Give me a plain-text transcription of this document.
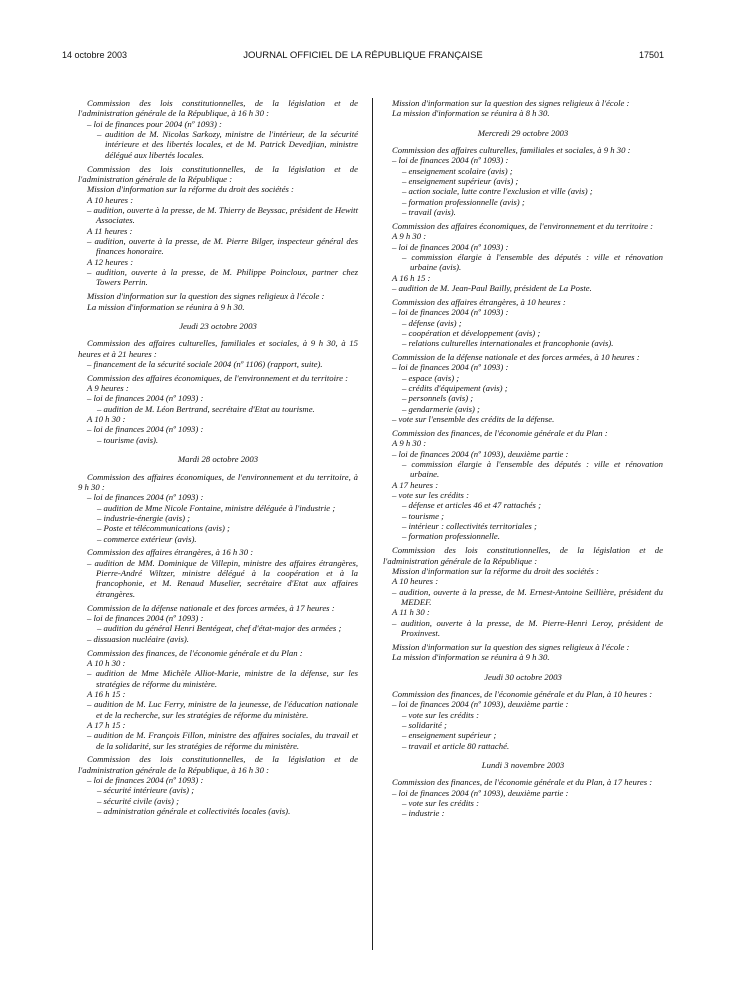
14 octobre 2003	JOURNAL OFFICIEL DE LA RÉPUBLIQUE FRANÇAISE	17501

Commission des lois constitutionnelles, de la législation et de l'administration générale de la République, à 16 h 30 :

– loi de finances pour 2004 (nº 1093) :

– audition de M. Nicolas Sarkozy, ministre de l'intérieur, de la sécurité intérieure et des libertés locales, et de M. Patrick Devedjian, ministre délégué aux libertés locales.

Commission des lois constitutionnelles, de la législation et de l'administration générale de la République :

Mission d'information sur la réforme du droit des sociétés :

A 10 heures :

– audition, ouverte à la presse, de M. Thierry de Beyssac, président de Hewitt Associates.

A 11 heures :

– audition, ouverte à la presse, de M. Pierre Bilger, inspecteur général des finances honoraire.

A 12 heures :

– audition, ouverte à la presse, de M. Philippe Poincloux, partner chez Towers Perrin.

Mission d'information sur la question des signes religieux à l'école :

La mission d'information se réunira à 9 h 30.

Jeudi 23 octobre 2003

Commission des affaires culturelles, familiales et sociales, à 9 h 30, à 15 heures et à 21 heures :

– financement de la sécurité sociale 2004 (nº 1106) (rapport, suite).

Commission des affaires économiques, de l'environnement et du territoire :

A 9 heures :

– loi de finances 2004 (nº 1093) :

– audition de M. Léon Bertrand, secrétaire d'Etat au tourisme.

A 10 h 30 :

– loi de finances 2004 (nº 1093) :

– tourisme (avis).

Mardi 28 octobre 2003

Commission des affaires économiques, de l'environnement et du territoire, à 9 h 30 :

– loi de finances 2004 (nº 1093) :

– audition de Mme Nicole Fontaine, ministre déléguée à l'industrie ;

– industrie-énergie (avis) ;

– Poste et télécommunications (avis) ;

– commerce extérieur (avis).

Commission des affaires étrangères, à 16 h 30 :

– audition de MM. Dominique de Villepin, ministre des affaires étrangères, Pierre-André Wiltzer, ministre délégué à la coopération et à la francophonie, et M. Renaud Muselier, secrétaire d'Etat aux affaires étrangères.

Commission de la défense nationale et des forces armées, à 17 heures :

– loi de finances 2004 (nº 1093) :

– audition du général Henri Bentégeat, chef d'état-major des armées ;

– dissuasion nucléaire (avis).

Commission des finances, de l'économie générale et du Plan :

A 10 h 30 :

– audition de Mme Michèle Alliot-Marie, ministre de la défense, sur les stratégies de réforme du ministère.

A 16 h 15 :

– audition de M. Luc Ferry, ministre de la jeunesse, de l'éducation nationale et de la recherche, sur les stratégies de réforme du ministère.

A 17 h 15 :

– audition de M. François Fillon, ministre des affaires sociales, du travail et de la solidarité, sur les stratégies de réforme du ministère.

Commission des lois constitutionnelles, de la législation et de l'administration générale de la République, à 16 h 30 :

– loi de finances 2004 (nº 1093) :

– sécurité intérieure (avis) ;

– sécurité civile (avis) ;

– administration générale et collectivités locales (avis).

Mission d'information sur la question des signes religieux à l'école :

La mission d'information se réunira à 8 h 30.

Mercredi 29 octobre 2003

Commission des affaires culturelles, familiales et sociales, à 9 h 30 :

– loi de finances 2004 (nº 1093) :

– enseignement scolaire (avis) ;

– enseignement supérieur (avis) ;

– action sociale, lutte contre l'exclusion et ville (avis) ;

– formation professionnelle (avis) ;

– travail (avis).

Commission des affaires économiques, de l'environnement et du territoire :

A 9 h 30 :

– loi de finances 2004 (nº 1093) :

– commission élargie à l'ensemble des députés : ville et rénovation urbaine (avis).

A 16 h 15 :

– audition de M. Jean-Paul Bailly, président de La Poste.

Commission des affaires étrangères, à 10 heures :

– loi de finances 2004 (nº 1093) :

– défense (avis) ;

– coopération et développement (avis) ;

– relations culturelles internationales et francophonie (avis).

Commission de la défense nationale et des forces armées, à 10 heures :

– loi de finances 2004 (nº 1093) :

– espace (avis) ;

– crédits d'équipement (avis) ;

– personnels (avis) ;

– gendarmerie (avis) ;

– vote sur l'ensemble des crédits de la défense.

Commission des finances, de l'économie générale et du Plan :

A 9 h 30 :

– loi de finances 2004 (nº 1093), deuxième partie :

– commission élargie à l'ensemble des députés : ville et rénovation urbaine.

A 17 heures :

– vote sur les crédits :

– défense et articles 46 et 47 rattachés ;

– tourisme ;

– intérieur : collectivités territoriales ;

– formation professionnelle.

Commission des lois constitutionnelles, de la législation et de l'administration générale de la République :

Mission d'information sur la réforme du droit des sociétés :

A 10 heures :

– audition, ouverte à la presse, de M. Ernest-Antoine Seillière, président du MEDEF.

A 11 h 30 :

– audition, ouverte à la presse, de M. Pierre-Henri Leroy, président de Proxinvest.

Mission d'information sur la question des signes religieux à l'école :

La mission d'information se réunira à 9 h 30.

Jeudi 30 octobre 2003

Commission des finances, de l'économie générale et du Plan, à 10 heures :

– loi de finances 2004 (nº 1093), deuxième partie :

– vote sur les crédits :

– solidarité ;

– enseignement supérieur ;

– travail et article 80 rattaché.

Lundi 3 novembre 2003

Commission des finances, de l'économie générale et du Plan, à 17 heures :

– loi de finances 2004 (nº 1093), deuxième partie :

– vote sur les crédits :

– industrie :
